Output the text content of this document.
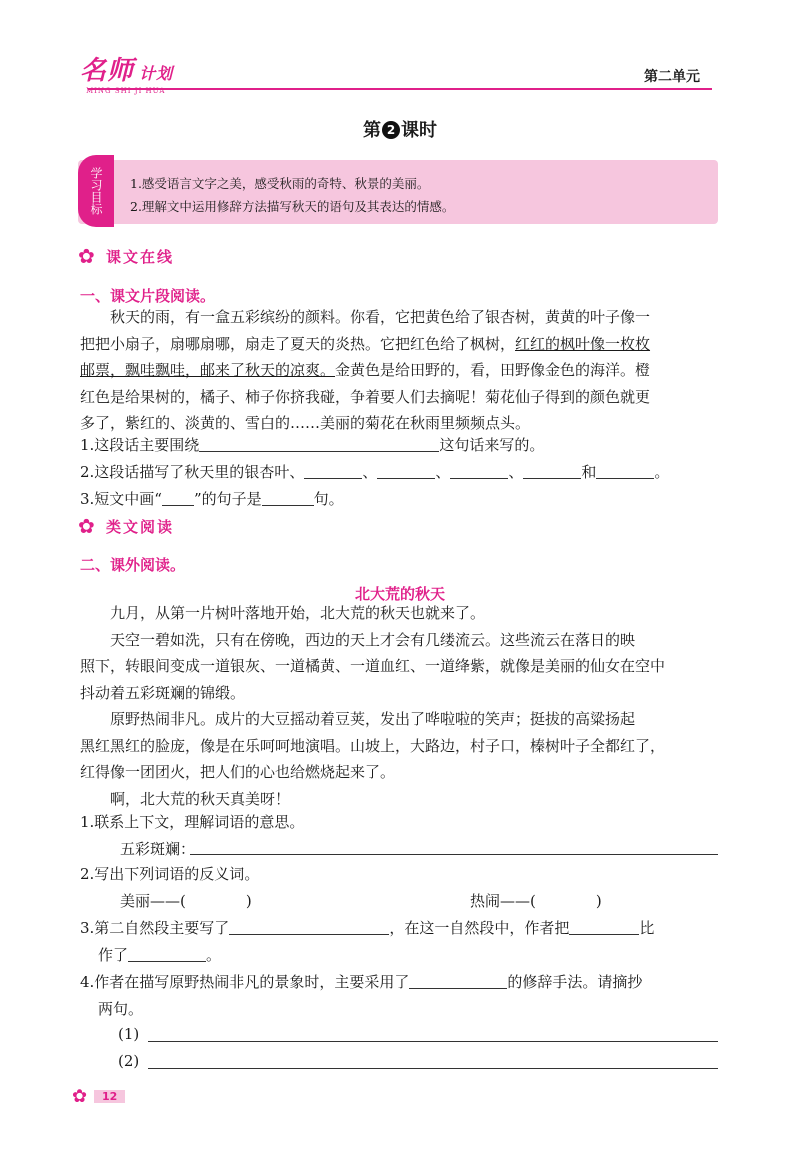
名师 计划
MING SHI JI HUA
第二单元
第 2 课时
学习目标	1.感受语言文字之美，感受秋雨的奇特、秋景的美丽。
2.理解文中运用修辞方法描写秋天的语句及其表达的情感。
✿ 课文在线
一、课文片段阅读。
秋天的雨，有一盒五彩缤纷的颜料。你看，它把黄色给了银杏树，黄黄的叶子像一
把把小扇子，扇哪扇哪，扇走了夏天的炎热。它把红色给了枫树，红红的枫叶像一枚枚
邮票，飘哇飘哇，邮来了秋天的凉爽。金黄色是给田野的，看，田野像金色的海洋。橙
红色是给果树的，橘子、柿子你挤我碰，争着要人们去摘呢！菊花仙子得到的颜色就更
多了，紫红的、淡黄的、雪白的……美丽的菊花在秋雨里频频点头。
1.这段话主要围绕	这句话来写的。
2.这段话描写了秋天里的银杏叶、	、	、	、	和	。
3.短文中画“ ”的句子是	句。
✿ 类文阅读
二、课外阅读。
北大荒的秋天
九月，从第一片树叶落地开始，北大荒的秋天也就来了。
天空一碧如洗，只有在傍晚，西边的天上才会有几缕流云。这些流云在落日的映
照下，转眼间变成一道银灰、一道橘黄、一道血红、一道绛紫，就像是美丽的仙女在空中
抖动着五彩斑斓的锦缎。
原野热闹非凡。成片的大豆摇动着豆荚，发出了哗啦啦的笑声；挺拔的高粱扬起
黑红黑红的脸庞，像是在乐呵呵地演唱。山坡上，大路边，村子口，榛树叶子全都红了，
红得像一团团火，把人们的心也给燃烧起来了。
啊，北大荒的秋天真美呀！
1.联系上下文，理解词语的意思。
五彩斑斓：
2.写出下列词语的反义词。
美丽——(	)	热闹——(	)
3.第二自然段主要写了	，在这一自然段中，作者把	比
作了	。
4.作者在描写原野热闹非凡的景象时，主要采用了	的修辞手法。请摘抄
两句。
(1)
(2)
✿	12
